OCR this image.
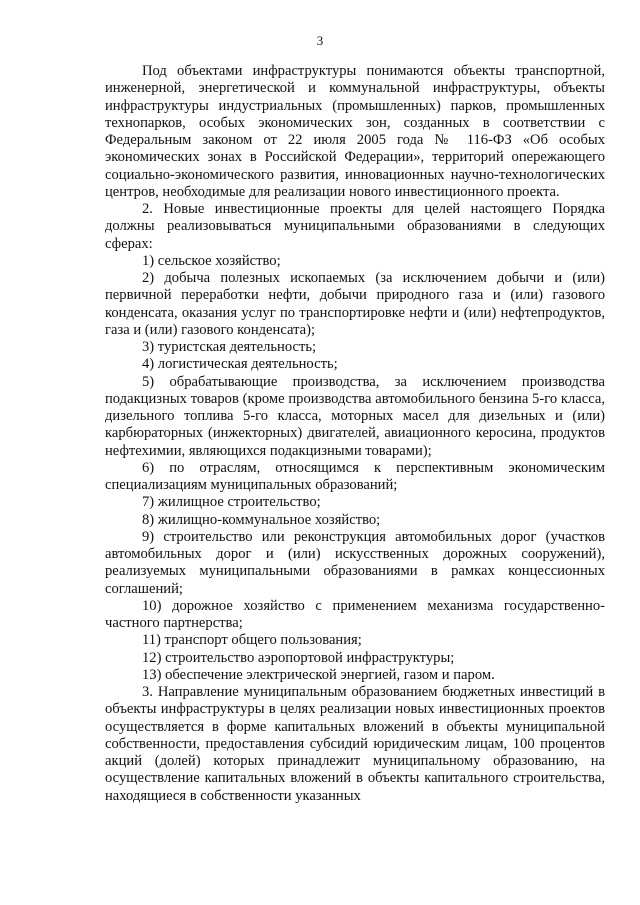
3

Под объектами инфраструктуры понимаются объекты транспортной, инженерной, энергетической и коммунальной инфраструктуры, объекты инфраструктуры индустриальных (промышленных) парков, промышленных технопарков, особых экономических зон, созданных в соответствии с Федеральным законом от 22 июля 2005 года № 116-ФЗ «Об особых экономических зонах в Российской Федерации», территорий опережающего социально-экономического развития, инновационных научно-технологических центров, необходимые для реализации нового инвестиционного проекта.

2. Новые инвестиционные проекты для целей настоящего Порядка должны реализовываться муниципальными образованиями в следующих сферах:

1) сельское хозяйство;

2) добыча полезных ископаемых (за исключением добычи и (или) первичной переработки нефти, добычи природного газа и (или) газового конденсата, оказания услуг по транспортировке нефти и (или) нефтепродуктов, газа и (или) газового конденсата);

3) туристская деятельность;

4) логистическая деятельность;

5) обрабатывающие производства, за исключением производства подакцизных товаров (кроме производства автомобильного бензина 5-го класса, дизельного топлива 5-го класса, моторных масел для дизельных и (или) карбюраторных (инжекторных) двигателей, авиационного керосина, продуктов нефтехимии, являющихся подакцизными товарами);

6) по отраслям, относящимся к перспективным экономическим специализациям муниципальных образований;

7) жилищное строительство;

8) жилищно-коммунальное хозяйство;

9) строительство или реконструкция автомобильных дорог (участков автомобильных дорог и (или) искусственных дорожных сооружений), реализуемых муниципальными образованиями в рамках концессионных соглашений;

10) дорожное хозяйство с применением механизма государственно-частного партнерства;

11) транспорт общего пользования;

12) строительство аэропортовой инфраструктуры;

13) обеспечение электрической энергией, газом и паром.

3. Направление муниципальным образованием бюджетных инвестиций в объекты инфраструктуры в целях реализации новых инвестиционных проектов осуществляется в форме капитальных вложений в объекты муниципальной собственности, предоставления субсидий юридическим лицам, 100 процентов акций (долей) которых принадлежит муниципальному образованию, на осуществление капитальных вложений в объекты капитального строительства, находящиеся в собственности указанных
